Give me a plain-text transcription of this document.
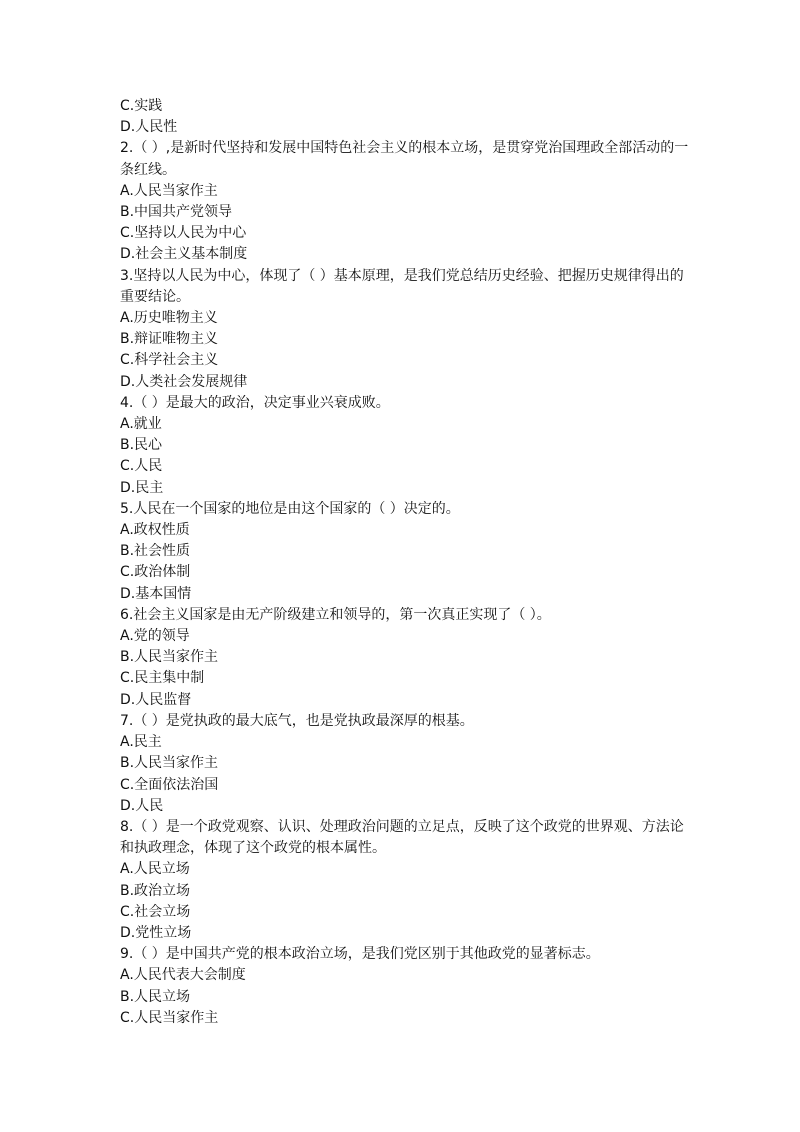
C.实践

D.人民性

2.（ ）,是新时代坚持和发展中国特色社会主义的根本立场，是贯穿党治国理政全部活动的一条红线。

A.人民当家作主

B.中国共产党领导

C.坚持以人民为中心

D.社会主义基本制度

3.坚持以人民为中心，体现了（ ）基本原理，是我们党总结历史经验、把握历史规律得出的重要结论。

A.历史唯物主义

B.辩证唯物主义

C.科学社会主义

D.人类社会发展规律

4.（ ）是最大的政治，决定事业兴衰成败。

A.就业

B.民心

C.人民

D.民主

5.人民在一个国家的地位是由这个国家的（ ）决定的。

A.政权性质

B.社会性质

C.政治体制

D.基本国情

6.社会主义国家是由无产阶级建立和领导的，第一次真正实现了（ ）。

A.党的领导

B.人民当家作主

C.民主集中制

D.人民监督

7.（ ）是党执政的最大底气，也是党执政最深厚的根基。

A.民主

B.人民当家作主

C.全面依法治国

D.人民

8.（ ）是一个政党观察、认识、处理政治问题的立足点，反映了这个政党的世界观、方法论和执政理念，体现了这个政党的根本属性。

A.人民立场

B.政治立场

C.社会立场

D.党性立场

9.（ ）是中国共产党的根本政治立场，是我们党区别于其他政党的显著标志。

A.人民代表大会制度

B.人民立场

C.人民当家作主
